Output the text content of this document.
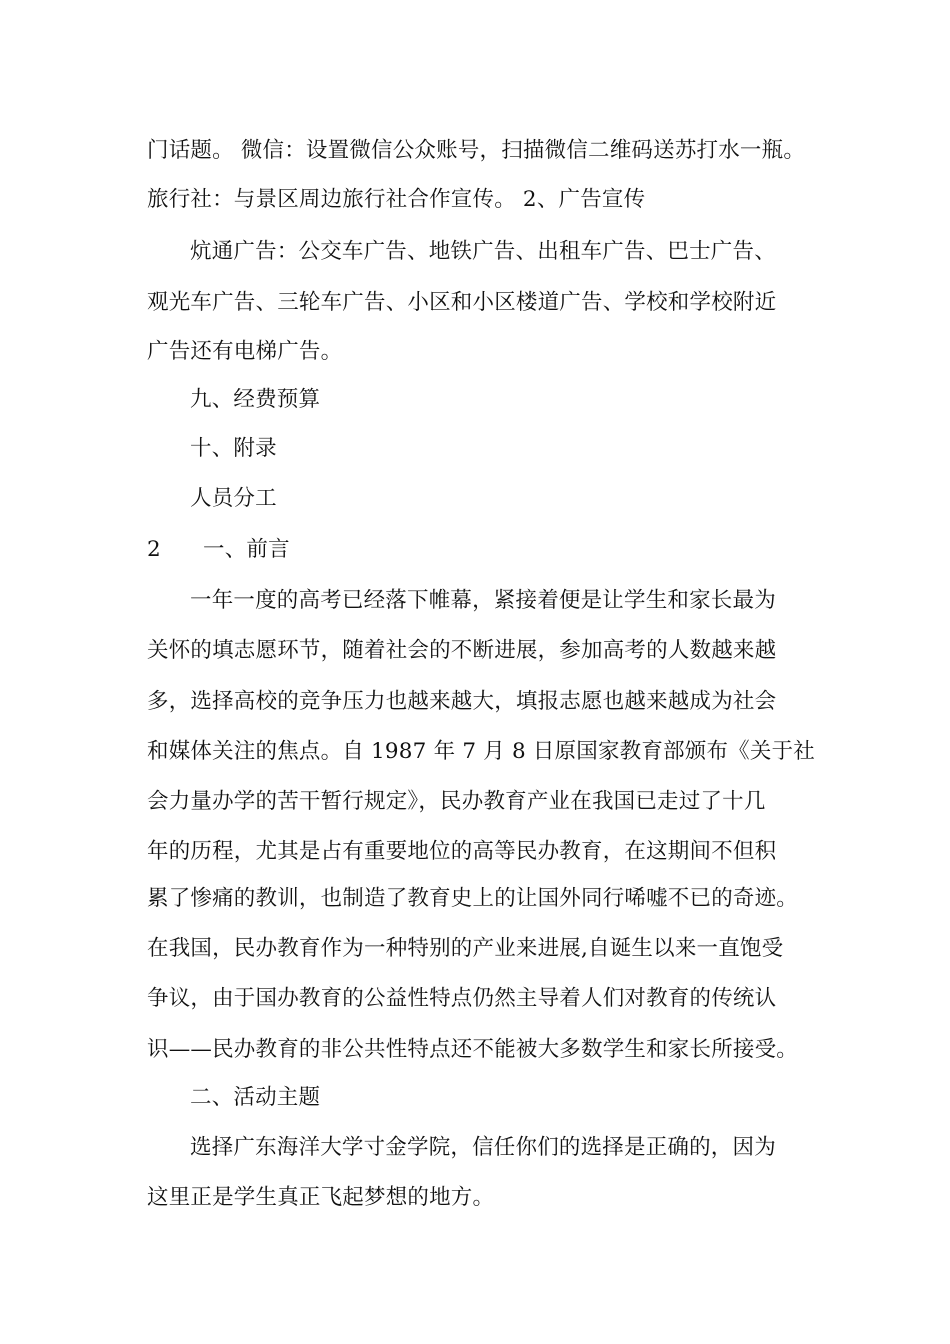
门话题。 微信：设置微信公众账号，扫描微信二维码送苏打水一瓶。
旅行社：与景区周边旅行社合作宣传。 2、广告宣传
炕通广告：公交车广告、地铁广告、出租车广告、巴士广告、
观光车广告、三轮车广告、小区和小区楼道广告、学校和学校附近
广告还有电梯广告。
九、经费预算
十、附录
人员分工
2 一、前言
一年一度的高考已经落下帷幕，紧接着便是让学生和家长最为
关怀的填志愿环节，随着社会的不断进展，参加高考的人数越来越
多，选择高校的竞争压力也越来越大，填报志愿也越来越成为社会
和媒体关注的焦点。自 1987 年 7 月 8 日原国家教育部颁布《关于社
会力量办学的苦干暂行规定》，民办教育产业在我国已走过了十几
年的历程，尤其是占有重要地位的高等民办教育，在这期间不但积
累了惨痛的教训，也制造了教育史上的让国外同行唏嘘不已的奇迹。
在我国，民办教育作为一种特别的产业来进展,自诞生以来一直饱受
争议，由于国办教育的公益性特点仍然主导着人们对教育的传统认
识——民办教育的非公共性特点还不能被大多数学生和家长所接受。
二、活动主题
选择广东海洋大学寸金学院，信任你们的选择是正确的，因为
这里正是学生真正飞起梦想的地方。
